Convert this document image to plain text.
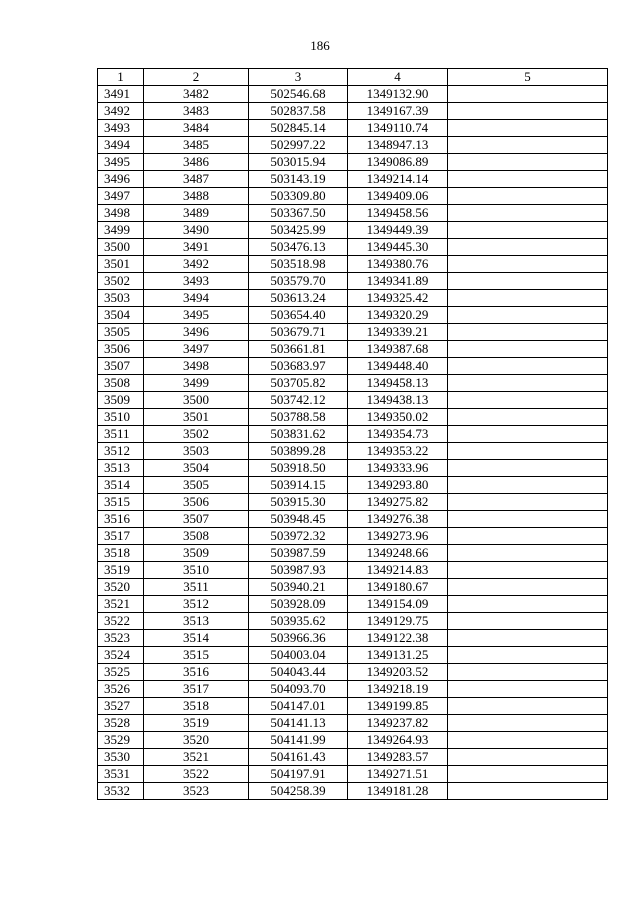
186
1	2	3	4	5
3491	3482	502546.68	1349132.90	
3492	3483	502837.58	1349167.39	
3493	3484	502845.14	1349110.74	
3494	3485	502997.22	1348947.13	
3495	3486	503015.94	1349086.89	
3496	3487	503143.19	1349214.14	
3497	3488	503309.80	1349409.06	
3498	3489	503367.50	1349458.56	
3499	3490	503425.99	1349449.39	
3500	3491	503476.13	1349445.30	
3501	3492	503518.98	1349380.76	
3502	3493	503579.70	1349341.89	
3503	3494	503613.24	1349325.42	
3504	3495	503654.40	1349320.29	
3505	3496	503679.71	1349339.21	
3506	3497	503661.81	1349387.68	
3507	3498	503683.97	1349448.40	
3508	3499	503705.82	1349458.13	
3509	3500	503742.12	1349438.13	
3510	3501	503788.58	1349350.02	
3511	3502	503831.62	1349354.73	
3512	3503	503899.28	1349353.22	
3513	3504	503918.50	1349333.96	
3514	3505	503914.15	1349293.80	
3515	3506	503915.30	1349275.82	
3516	3507	503948.45	1349276.38	
3517	3508	503972.32	1349273.96	
3518	3509	503987.59	1349248.66	
3519	3510	503987.93	1349214.83	
3520	3511	503940.21	1349180.67	
3521	3512	503928.09	1349154.09	
3522	3513	503935.62	1349129.75	
3523	3514	503966.36	1349122.38	
3524	3515	504003.04	1349131.25	
3525	3516	504043.44	1349203.52	
3526	3517	504093.70	1349218.19	
3527	3518	504147.01	1349199.85	
3528	3519	504141.13	1349237.82	
3529	3520	504141.99	1349264.93	
3530	3521	504161.43	1349283.57	
3531	3522	504197.91	1349271.51	
3532	3523	504258.39	1349181.28	
